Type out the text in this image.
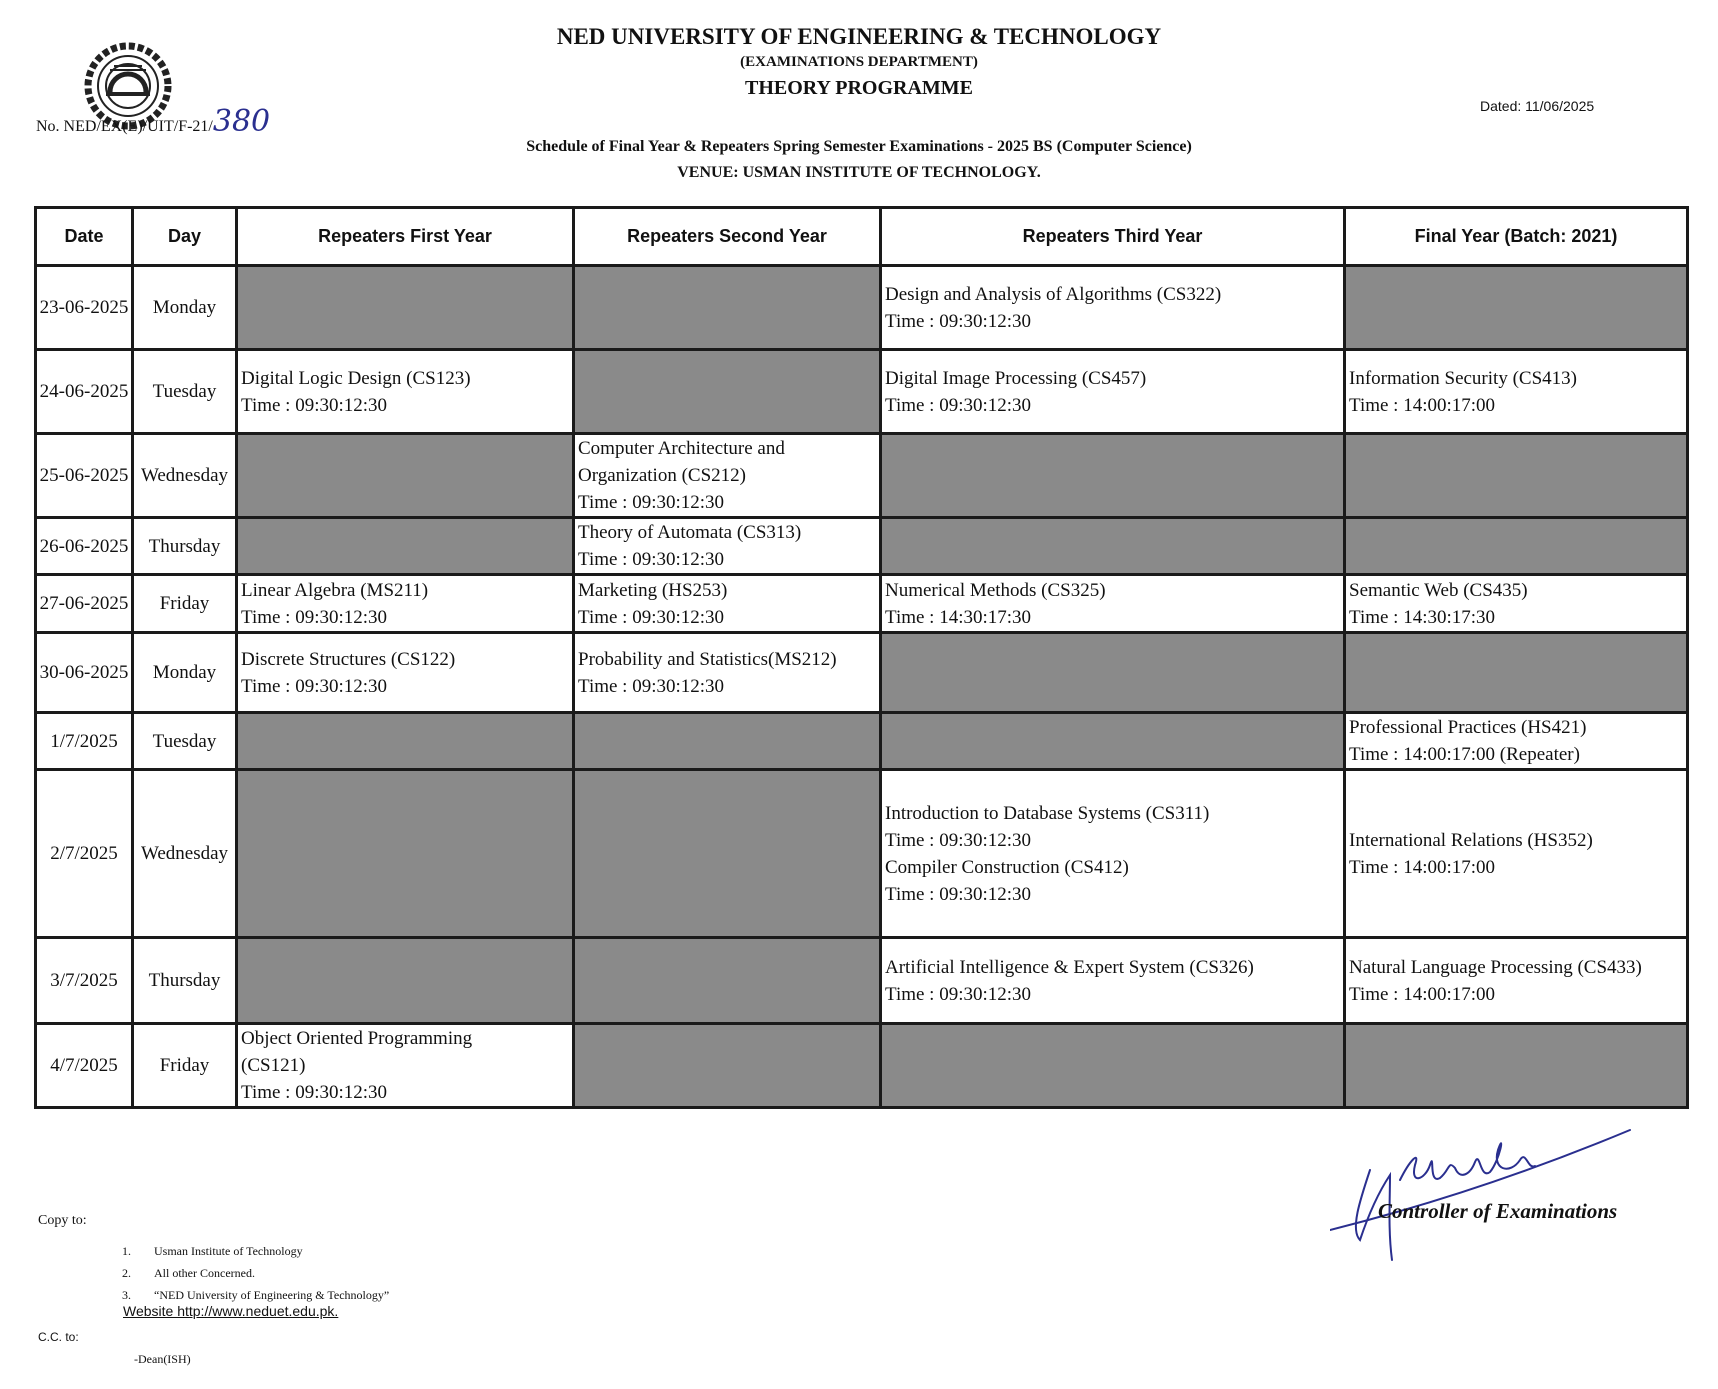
NED UNIVERSITY OF ENGINEERING & TECHNOLOGY
(EXAMINATIONS DEPARTMENT)
THEORY PROGRAMME
No. NED/EX(E)/UIT/F-21/380	Dated: 11/06/2025
Schedule of Final Year & Repeaters Spring Semester Examinations - 2025 BS (Computer Science)
VENUE: USMAN INSTITUTE OF TECHNOLOGY.
Date	Day	Repeaters First Year	Repeaters Second Year	Repeaters Third Year	Final Year (Batch: 2021)
23-06-2025	Monday			Design and Analysis of Algorithms (CS322)
Time : 09:30:12:30	

24-06-2025	Tuesday	Digital Logic Design (CS123)
Time : 09:30:12:30		Digital Image Processing (CS457)
Time : 09:30:12:30	Information Security (CS413)
Time : 14:00:17:00

25-06-2025	Wednesday		Computer Architecture and
Organization (CS212)
Time : 09:30:12:30		

26-06-2025	Thursday		Theory of Automata (CS313)
Time : 09:30:12:30		

27-06-2025	Friday	Linear Algebra (MS211)
Time : 09:30:12:30	Marketing (HS253)
Time : 09:30:12:30	Numerical Methods (CS325)
Time : 14:30:17:30	Semantic Web (CS435)
Time : 14:30:17:30

30-06-2025	Monday	Discrete Structures (CS122)
Time : 09:30:12:30	Probability and Statistics(MS212)
Time : 09:30:12:30		

1/7/2025	Tuesday				Professional Practices (HS421)
Time : 14:00:17:00 (Repeater)

2/7/2025	Wednesday			Introduction to Database Systems (CS311)
Time : 09:30:12:30
Compiler Construction (CS412)
Time : 09:30:12:30	International Relations (HS352)
Time : 14:00:17:00

3/7/2025	Thursday			Artificial Intelligence & Expert System (CS326)
Time : 09:30:12:30	Natural Language Processing (CS433)
Time : 14:00:17:00

4/7/2025	Friday	Object Oriented Programming
(CS121)
Time : 09:30:12:30			

Copy to:
1. Usman Institute of Technology
2. All other Concerned.
3. “NED University of Engineering & Technology”
Website http://www.neduet.edu.pk.
C.C. to:
-Dean(ISH)
Controller of Examinations
